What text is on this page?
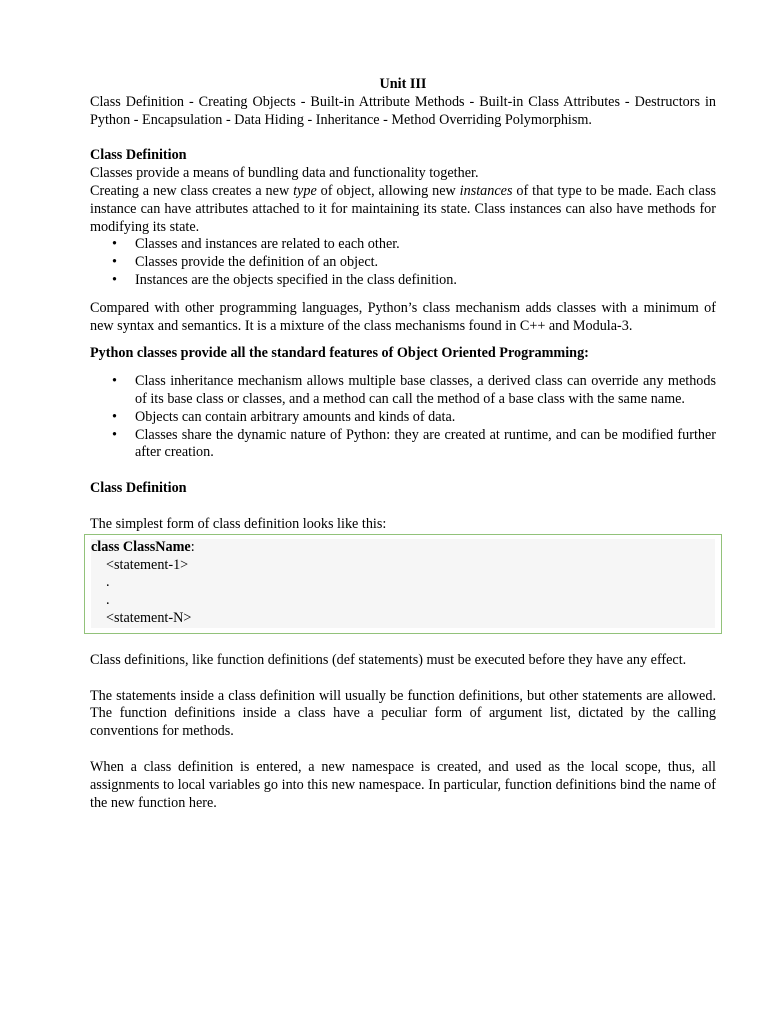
Unit III

Class Definition - Creating Objects - Built-in Attribute Methods - Built-in Class Attributes - Destructors in Python - Encapsulation - Data Hiding - Inheritance - Method Overriding Polymorphism.

Class Definition

Classes provide a means of bundling data and functionality together.

Creating a new class creates a new type of object, allowing new instances of that type to be made. Each class instance can have attributes attached to it for maintaining its state. Class instances can also have methods for modifying its state.

• Classes and instances are related to each other.
• Classes provide the definition of an object.
• Instances are the objects specified in the class definition.

Compared with other programming languages, Python’s class mechanism adds classes with a minimum of new syntax and semantics. It is a mixture of the class mechanisms found in C++ and Modula-3.

Python classes provide all the standard features of Object Oriented Programming:

• Class inheritance mechanism allows multiple base classes, a derived class can override any methods of its base class or classes, and a method can call the method of a base class with the same name.
• Objects can contain arbitrary amounts and kinds of data.
• Classes share the dynamic nature of Python: they are created at runtime, and can be modified further after creation.

Class Definition

The simplest form of class definition looks like this:

class ClassName:

<statement-1>

.

.

<statement-N>

Class definitions, like function definitions (def statements) must be executed before they have any effect.

The statements inside a class definition will usually be function definitions, but other statements are allowed. The function definitions inside a class have a peculiar form of argument list, dictated by the calling conventions for methods.

When a class definition is entered, a new namespace is created, and used as the local scope, thus, all assignments to local variables go into this new namespace. In particular, function definitions bind the name of the new function here.
